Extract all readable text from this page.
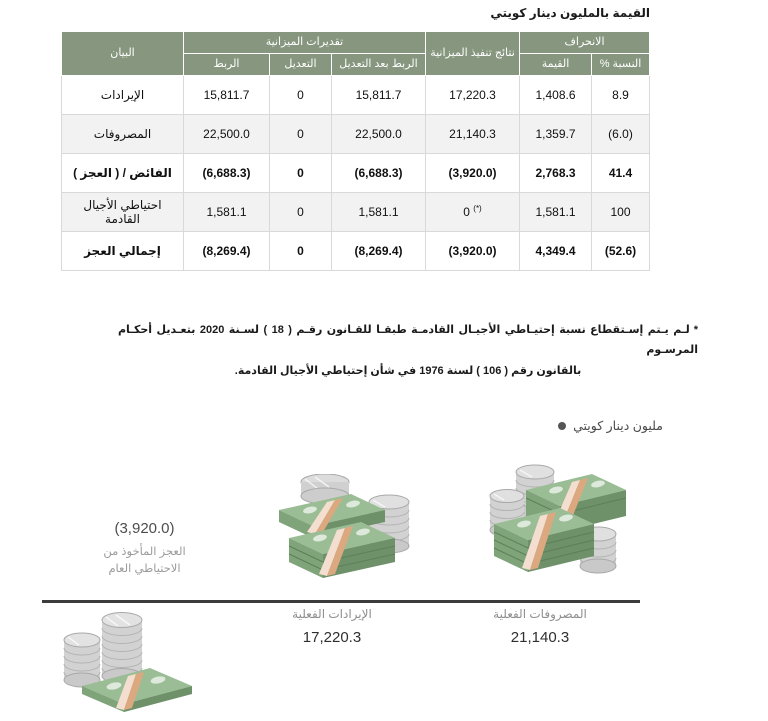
القيمة بالمليون دينار كويتي
الانحراف		نتائج تنفيذ الميزانية	تقديرات الميزانية			البيان
النسبة %	القيمة		الربط بعد التعديل	التعديل	الربط	

8.9	1,408.6	17,220.3	15,811.7	0	15,811.7	الإيرادات
(6.0)	1,359.7	21,140.3	22,500.0	0	22,500.0	المصروفات
41.4	2,768.3	(3,920.0)	(6,688.3)	0	(6,688.3)	الفائض / ( العجز )
100	1,581.1	(*) 0	1,581.1	0	1,581.1	احتياطي الأجيال القادمة
(52.6)	4,349.4	(3,920.0)	(8,269.4)	0	(8,269.4)	إجمالي العجز
*لـم يـتم إسـتقطاع نسبة إحتيـاطي الأجيـال القادمـة طبقـا للقـانون رقـم ( 18 ) لسـنة 2020 بتعـديل أحكـام المرسـوم
بالقانون رقم ( 106 ) لسنة 1976 في شأن إحتياطي الأجيال القادمة.
مليون دينار كويتي
(3,920.0)
العجز المأخوذ من
الاحتياطي العام
الإيرادات الفعلية
17,220.3
المصروفات الفعلية
21,140.3
